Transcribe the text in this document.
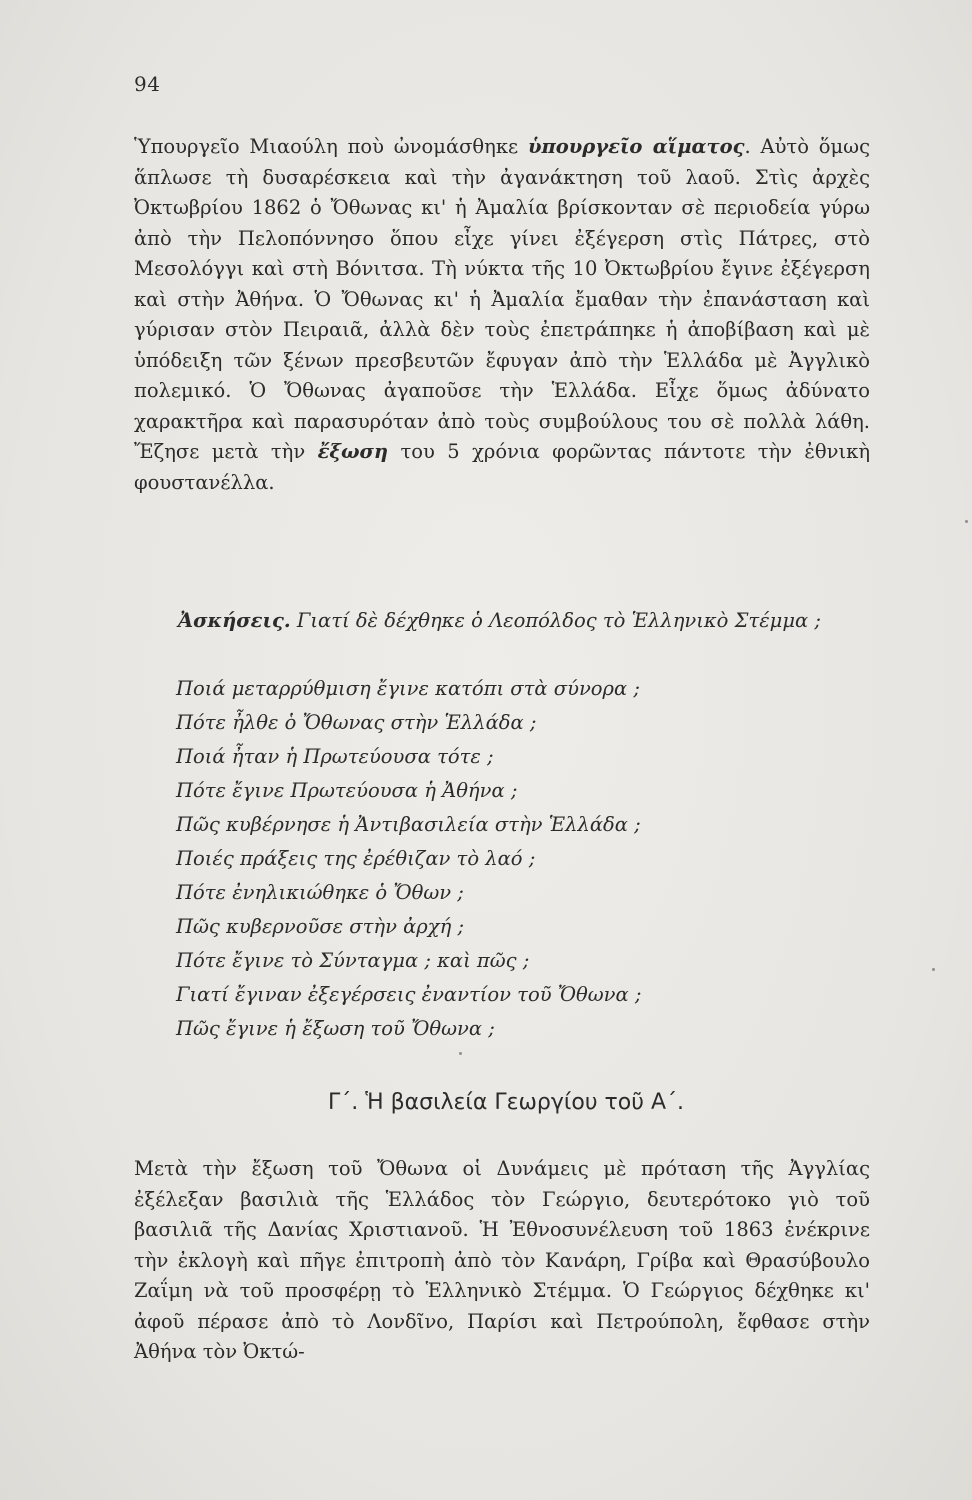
94

Ὑπουργεῖο Μιαούλη ποὺ ὠνομάσθηκε ὑπουργεῖο αἵματος. Αὐτὸ ὅμως ἅπλωσε τὴ δυσαρέσκεια καὶ τὴν ἀγανάκτηση τοῦ λαοῦ. Στὶς ἀρχὲς Ὀκτωβρίου 1862 ὁ Ὄθωνας κι' ἡ Ἀμαλία βρίσκονταν σὲ περιοδεία γύρω ἀπὸ τὴν Πελοπόννησο ὅπου εἶχε γίνει ἐξέγερση στὶς Πάτρες, στὸ Μεσολόγγι καὶ στὴ Βόνιτσα. Τὴ νύκτα τῆς 10 Ὀκτωβρίου ἔγινε ἐξέγερση καὶ στὴν Ἀθήνα. Ὁ Ὄθωνας κι' ἡ Ἀμαλία ἔμαθαν τὴν ἐπανάσταση καὶ γύρισαν στὸν Πειραιᾶ, ἀλλὰ δὲν τοὺς ἐπετράπηκε ἡ ἀποβίβαση καὶ μὲ ὑπόδειξη τῶν ξένων πρεσβευτῶν ἔφυγαν ἀπὸ τὴν Ἑλλάδα μὲ Ἀγγλικὸ πολεμικό. Ὁ Ὄθωνας ἀγαποῦσε τὴν Ἑλλάδα. Εἶχε ὅμως ἀδύνατο χαρακτῆρα καὶ παρασυρόταν ἀπὸ τοὺς συμβούλους του σὲ πολλὰ λάθη. Ἔζησε μετὰ τὴν ἔξωση του 5 χρόνια φορῶντας πάντοτε τὴν ἐθνικὴ φουστανέλλα.

Ἀσκήσεις. Γιατί δὲ δέχθηκε ὁ Λεοπόλδος τὸ Ἑλληνικὸ Στέμμα ;

Ποιά μεταρρύθμιση ἔγινε κατόπι στὰ σύνορα ;
Πότε ἦλθε ὁ Ὄθωνας στὴν Ἑλλάδα ;
Ποιά ἦταν ἡ Πρωτεύουσα τότε ;
Πότε ἔγινε Πρωτεύουσα ἡ Ἀθήνα ;
Πῶς κυβέρνησε ἡ Ἀντιβασιλεία στὴν Ἑλλάδα ;
Ποιές πράξεις της ἐρέθιζαν τὸ λαό ;
Πότε ἐνηλικιώθηκε ὁ Ὄθων ;
Πῶς κυβερνοῦσε στὴν ἀρχή ;
Πότε ἔγινε τὸ Σύνταγμα ; καὶ πῶς ;
Γιατί ἔγιναν ἐξεγέρσεις ἐναντίον τοῦ Ὄθωνα ;
Πῶς ἔγινε ἡ ἔξωση τοῦ Ὄθωνα ;
Γ΄. Ἡ βασιλεία Γεωργίου τοῦ Α΄.

Μετὰ τὴν ἔξωση τοῦ Ὄθωνα οἱ Δυνάμεις μὲ πρόταση τῆς Ἀγγλίας ἐξέλεξαν βασιλιὰ τῆς Ἑλλάδος τὸν Γεώργιο, δευτερότοκο γιὸ τοῦ βασιλιᾶ τῆς Δανίας Χριστιανοῦ. Ἡ Ἐθνοσυνέλευση τοῦ 1863 ἐνέκρινε τὴν ἐκλογὴ καὶ πῆγε ἐπιτροπὴ ἀπὸ τὸν Κανάρη, Γρίβα καὶ Θρασύβουλο Ζαΐμη νὰ τοῦ προσφέρῃ τὸ Ἑλληνικὸ Στέμμα. Ὁ Γεώργιος δέχθηκε κι' ἀφοῦ πέρασε ἀπὸ τὸ Λονδῖνο, Παρίσι καὶ Πετρούπολη, ἔφθασε στὴν Ἀθήνα τὸν Ὀκτώ-
